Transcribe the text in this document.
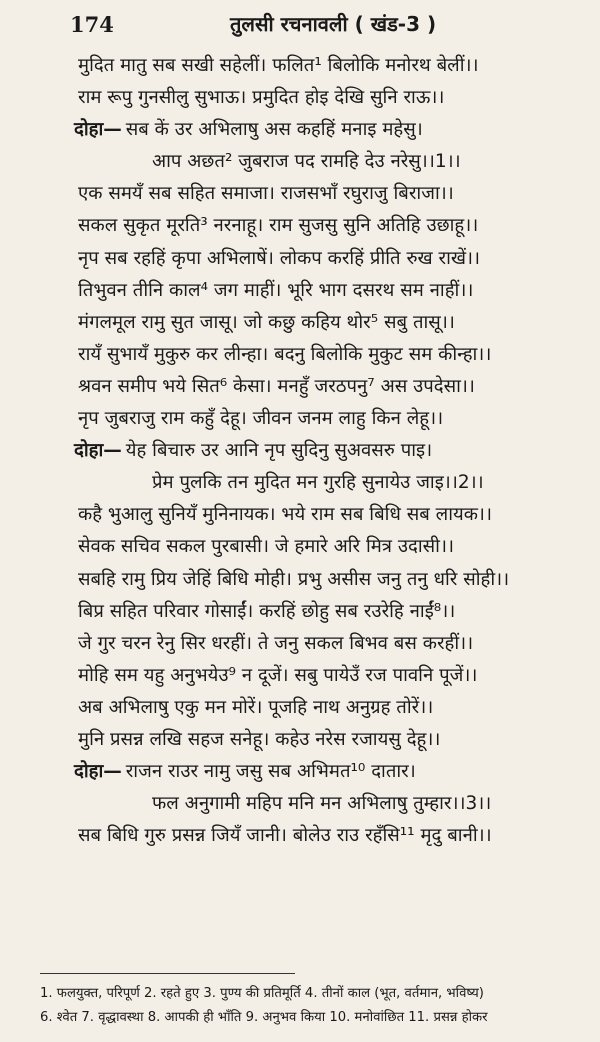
174	तुलसी रचनावली ( खंड-3 )
मुदित मातु सब सखी सहेलीं। फलित¹ बिलोकि मनोरथ बेलीं।।
राम रूपु गुनसीलु सुभाऊ। प्रमुदित होइ देखि सुनि राऊ।।
दोहा— सब कें उर अभिलाषु अस कहहिं मनाइ महेसु।
आप अछत² जुबराज पद रामहि देउ नरेसु।।1।।
एक समयँ सब सहित समाजा। राजसभाँ रघुराजु बिराजा।।
सकल सुकृत मूरति³ नरनाहू। राम सुजसु सुनि अतिहि उछाहू।।
नृप सब रहहिं कृपा अभिलाषें। लोकप करहिं प्रीति रुख राखें।।
तिभुवन तीनि काल⁴ जग माहीं। भूरि भाग दसरथ सम नाहीं।।
मंगलमूल रामु सुत जासू। जो कछु कहिय थोर⁵ सबु तासू।।
रायँ सुभायँ मुकुरु कर लीन्हा। बदनु बिलोकि मुकुट सम कीन्हा।।
श्रवन समीप भये सित⁶ केसा। मनहुँ जरठपनु⁷ अस उपदेसा।।
नृप जुबराजु राम कहुँ देहू। जीवन जनम लाहु किन लेहू।।
दोहा— येह बिचारु उर आनि नृप सुदिनु सुअवसरु पाइ।
प्रेम पुलकि तन मुदित मन गुरहि सुनायेउ जाइ।।2।।
कहै भुआलु सुनियँ मुनिनायक। भये राम सब बिधि सब लायक।।
सेवक सचिव सकल पुरबासी। जे हमारे अरि मित्र उदासी।।
सबहि रामु प्रिय जेहिं बिधि मोही। प्रभु असीस जनु तनु धरि सोही।।
बिप्र सहित परिवार गोसाईं। करहिं छोहु सब रउरेहि नाईं⁸।।
जे गुर चरन रेनु सिर धरहीं। ते जनु सकल बिभव बस करहीं।।
मोहि सम यहु अनुभयेउ⁹ न दूजें। सबु पायेउँ रज पावनि पूजें।।
अब अभिलाषु एकु मन मोरें। पूजहि नाथ अनुग्रह तोरें।।
मुनि प्रसन्न लखि सहज सनेहू। कहेउ नरेस रजायसु देहू।।
दोहा— राजन राउर नामु जसु सब अभिमत¹⁰ दातार।
फल अनुगामी महिप मनि मन अभिलाषु तुम्हार।।3।।
सब बिधि गुरु प्रसन्न जियँ जानी। बोलेउ राउ रहँसि¹¹ मृदु बानी।।
1. फलयुक्त, परिपूर्ण 2. रहते हुए 3. पुण्य की प्रतिमूर्ति 4. तीनों काल (भूत, वर्तमान, भविष्य)
6. श्वेत 7. वृद्धावस्था 8. आपकी ही भाँति 9. अनुभव किया 10. मनोवांछित 11. प्रसन्न होकर
